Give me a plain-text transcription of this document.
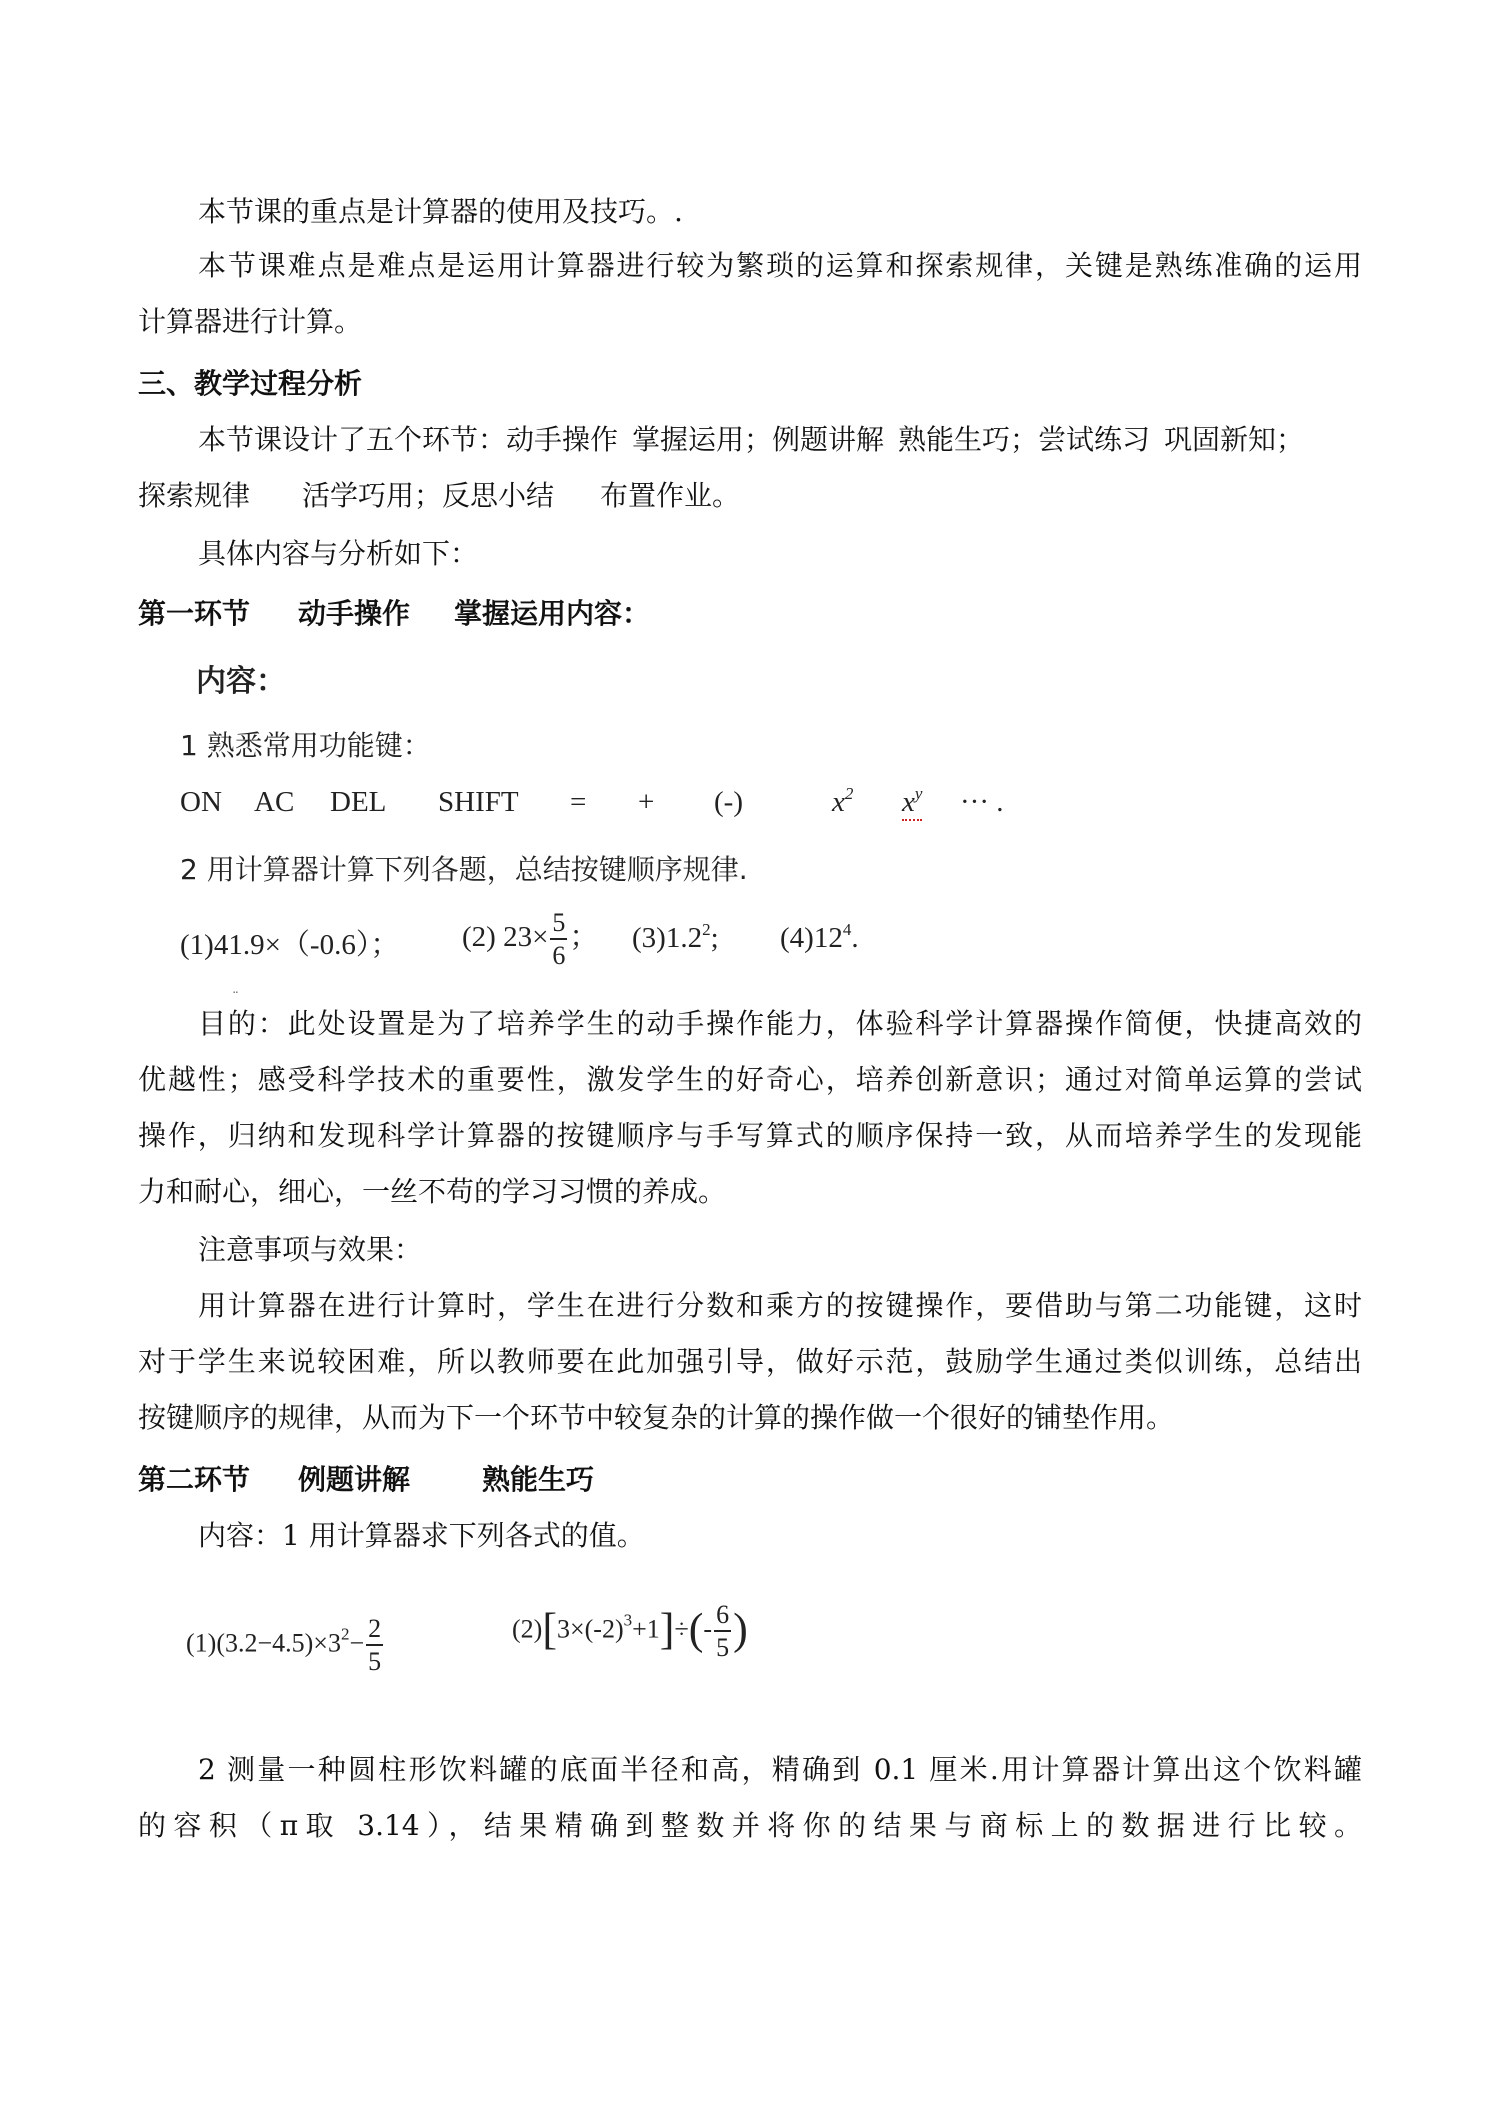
本节课的重点是计算器的使用及技巧。.
本节课难点是难点是运用计算器进行较为繁琐的运算和探索规律，关键是熟练准确的运用
计算器进行计算。
三、教学过程分析
本节课设计了五个环节：动手操作 掌握运用；例题讲解 熟能生巧；尝试练习 巩固新知；
探索规律 活学巧用；反思小结 布置作业。
具体内容与分析如下：
第一环节 动手操作 掌握运用内容：
内容：
1 熟悉常用功能键：
ON AC DEL SHIFT = + (-)	$x^2$ $x^y$ ··· .
2 用计算器计算下列各题，总结按键顺序规律.
(1)41.9×（-0.6）； (2) $23\times \frac{5}{6}$ ； $(3)1.2^2$; $(4)12^4$.
¨
目的：此处设置是为了培养学生的动手操作能力，体验科学计算器操作简便，快捷高效的
优越性；感受科学技术的重要性，激发学生的好奇心，培养创新意识；通过对简单运算的尝试
操作，归纳和发现科学计算器的按键顺序与手写算式的顺序保持一致，从而培养学生的发现能
力和耐心，细心，一丝不苟的学习习惯的养成。
注意事项与效果：
用计算器在进行计算时，学生在进行分数和乘方的按键操作，要借助与第二功能键，这时
对于学生来说较困难，所以教师要在此加强引导，做好示范，鼓励学生通过类似训练，总结出
按键顺序的规律，从而为下一个环节中较复杂的计算的操作做一个很好的铺垫作用。
第二环节 例题讲解	熟能生巧
内容：1 用计算器求下列各式的值。
$(1)(3.2-4.5)\times 3^2- \frac{2}{5}$	$(2)[3\times(-2)^3+1]\div(- \frac{6}{5}$ )
2 测量一种圆柱形饮料罐的底面半径和高，精确到 0.1 厘米.用计算器计算出这个饮料罐
的容积（π取 3.14），结果精确到整数并将你的结果与商标上的数据进行比较。
